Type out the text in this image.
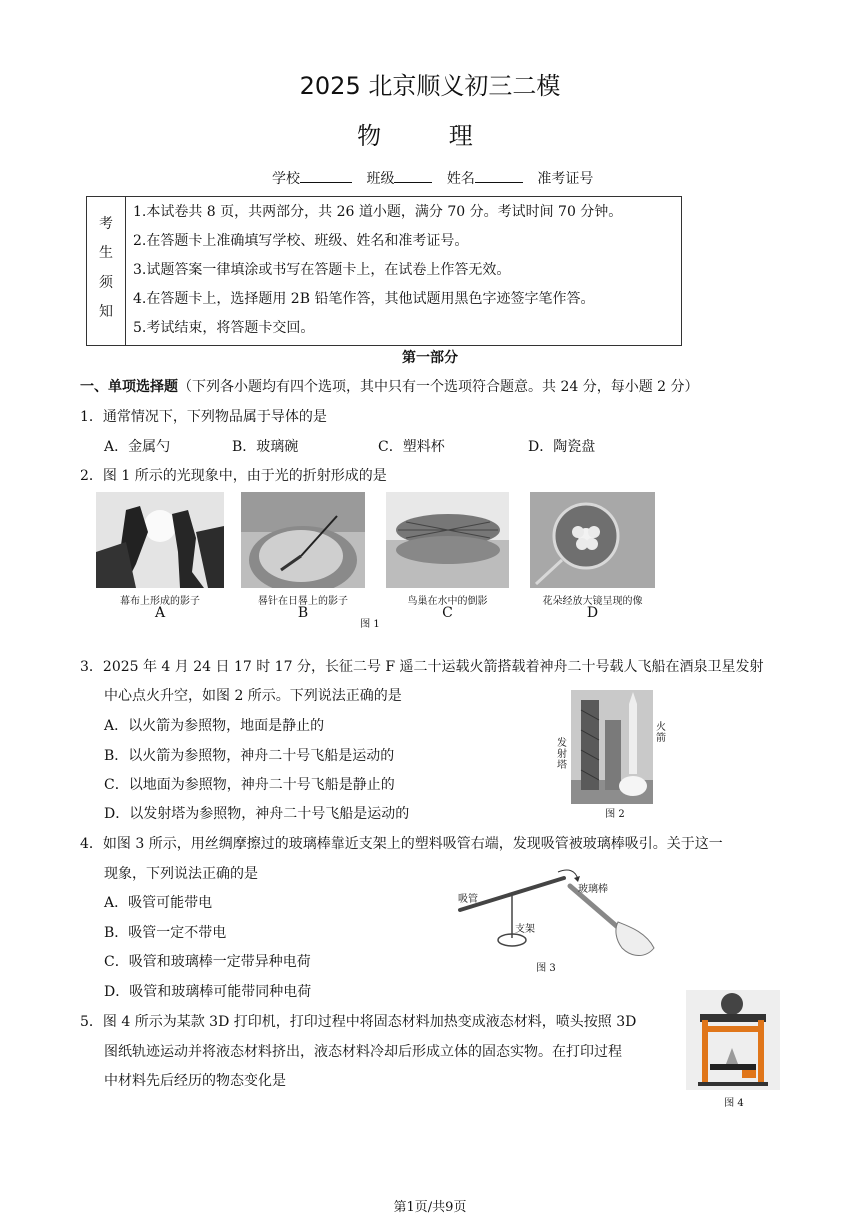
2025 北京顺义初三二模
物 理
学校	班级	姓名	准考证号
考
生
须
知
1.本试卷共 8 页，共两部分，共 26 道小题，满分 70 分。考试时间 70 分钟。
2.在答题卡上准确填写学校、班级、姓名和准考证号。
3.试题答案一律填涂或书写在答题卡上，在试卷上作答无效。
4.在答题卡上，选择题用 2B 铅笔作答，其他试题用黑色字迹签字笔作答。
5.考试结束，将答题卡交回。
第一部分
一、单项选择题（下列各小题均有四个选项，其中只有一个选项符合题意。共 24 分，每小题 2 分）
1．通常情况下，下列物品属于导体的是
A．金属勺	B．玻璃碗	C．塑料杯	D．陶瓷盘
2．图 1 所示的光现象中，由于光的折射形成的是
幕布上形成的影子	晷针在日晷上的影子	鸟巢在水中的倒影	花朵经放大镜呈现的像
A	B	C	D
图 1
3．2025 年 4 月 24 日 17 时 17 分，长征二号 F 遥二十运载火箭搭载着神舟二十号载人飞船在酒泉卫星发射
中心点火升空，如图 2 所示。下列说法正确的是
A．以火箭为参照物，地面是静止的
B．以火箭为参照物，神舟二十号飞船是运动的
C．以地面为参照物，神舟二十号飞船是静止的
D．以发射塔为参照物，神舟二十号飞船是运动的
火箭
发射塔
图 2
4．如图 3 所示，用丝绸摩擦过的玻璃棒靠近支架上的塑料吸管右端，发现吸管被玻璃棒吸引。关于这一
现象，下列说法正确的是
A．吸管可能带电
B．吸管一定不带电
C．吸管和玻璃棒一定带异种电荷
D．吸管和玻璃棒可能带同种电荷
吸管
玻璃棒
支架
图 3
5．图 4 所示为某款 3D 打印机，打印过程中将固态材料加热变成液态材料，喷头按照 3D
图纸轨迹运动并将液态材料挤出，液态材料冷却后形成立体的固态实物。在打印过程
中材料先后经历的物态变化是
图 4
第1页/共9页
